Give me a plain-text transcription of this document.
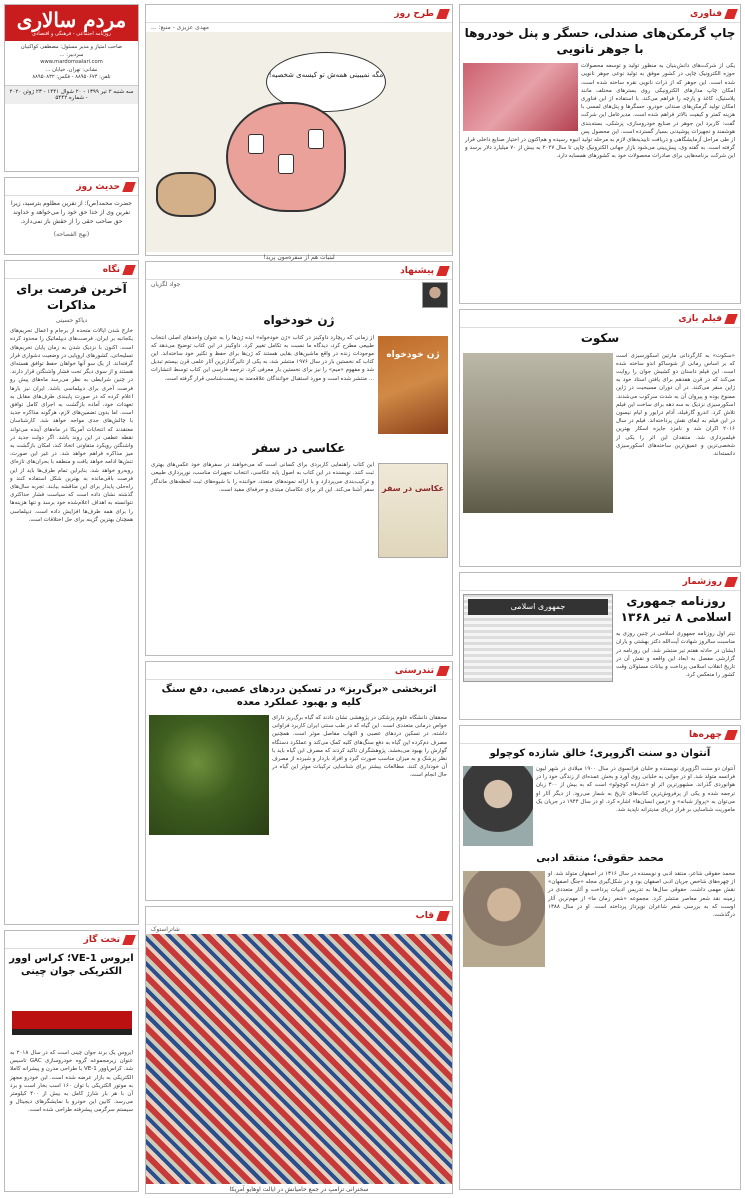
فناوری
چاپ گرمکن‌های صندلی، حسگر و پنل خودروها با جوهر نانویی
یکی از شرکت‌های دانش‌بنیان به منظور تولید و توسعه محصولات حوزه الکترونیک چاپی در کشور موفق به تولید نوعی جوهر نانویی شده است. این جوهر که از ذرات نانویی نقره ساخته شده است، امکان چاپ مدارهای الکترونیکی روی بسترهای مختلف مانند پلاستیک، کاغذ و پارچه را فراهم می‌کند. با استفاده از این فناوری امکان تولید گرمکن‌های صندلی خودرو، حسگرها و پنل‌های لمسی با هزینه کمتر و کیفیت بالاتر فراهم شده است. مدیرعامل این شرکت گفت: کاربرد این جوهر در صنایع خودروسازی، پزشکی، بسته‌بندی هوشمند و تجهیزات پوشیدنی بسیار گسترده است. این محصول پس از طی مراحل آزمایشگاهی و دریافت تاییدیه‌های لازم به مرحله تولید انبوه رسیده و هم‌اکنون در اختیار صنایع داخلی قرار گرفته است. به گفته وی، پیش‌بینی می‌شود بازار جهانی الکترونیک چاپی تا سال ۲۰۲۷ به بیش از ۷۰ میلیارد دلار برسد و این شرکت برنامه‌هایی برای صادرات محصولات خود به کشورهای همسایه دارد.
فیلم بازی
سکوت
«سکوت» به کارگردانی مارتین اسکورسیزی است که بر اساس رمانی از شوساکو اندو ساخته شده است. این فیلم داستان دو کشیش جوان را روایت می‌کند که در قرن هفدهم برای یافتن استاد خود به ژاپن سفر می‌کنند. در آن دوران مسیحیت در ژاپن ممنوع بوده و پیروان آن به شدت سرکوب می‌شدند. اسکورسیزی نزدیک به سه دهه برای ساخت این فیلم تلاش کرد. اندرو گارفیلد، آدام درایور و لیام نیسون در این فیلم به ایفای نقش پرداخته‌اند. فیلم در سال ۲۰۱۶ اکران شد و نامزد جایزه اسکار بهترین فیلمبرداری شد. منتقدان این اثر را یکی از شخصی‌ترین و عمیق‌ترین ساخته‌های اسکورسیزی دانسته‌اند.
روزشمار
جمهوری اسلامی	روزنامه جمهوری اسلامی ۸ تیر ۱۳۶۸
تیتر اول روزنامه جمهوری اسلامی در چنین روزی به مناسبت سالروز شهادت آیت‌الله دکتر بهشتی و یاران ایشان در حادثه هفتم تیر منتشر شد. این روزنامه در گزارشی مفصل به ابعاد این واقعه و نقش آن در تاریخ انقلاب اسلامی پرداخت و بیانات مسئولان وقت کشور را منعکس کرد.
چهره‌ها
آنتوان دو سنت اگزوپری؛ خالق شازده کوچولو
آنتوان دو سنت اگزوپری نویسنده و خلبان فرانسوی در سال ۱۹۰۰ میلادی در شهر لیون فرانسه متولد شد. او در جوانی به خلبانی روی آورد و بخش عمده‌ای از زندگی خود را در هوانوردی گذراند. مشهورترین اثر او «شازده کوچولو» است که به بیش از ۳۰۰ زبان ترجمه شده و یکی از پرفروش‌ترین کتاب‌های تاریخ به شمار می‌رود. از دیگر آثار او می‌توان به «پرواز شبانه» و «زمین انسان‌ها» اشاره کرد. او در سال ۱۹۴۴ در جریان یک ماموریت شناسایی بر فراز دریای مدیترانه ناپدید شد.
محمد حقوقی؛ منتقد ادبی
محمد حقوقی شاعر، منتقد ادبی و نویسنده در سال ۱۳۱۶ در اصفهان متولد شد. او از چهره‌های شاخص جریان ادبی اصفهان بود و در شکل‌گیری مجله «جنگ اصفهان» نقش مهمی داشت. حقوقی سال‌ها به تدریس ادبیات پرداخت و آثار متعددی در زمینه نقد شعر معاصر منتشر کرد. مجموعه «شعر زمان ما» از مهم‌ترین آثار اوست که به بررسی شعر شاعران نوپرداز پرداخته است. او در سال ۱۳۸۸ درگذشت.
طرح روز
مهدی عزیزی - منبع: ...
مگه نمیبینی همه‌ش تو کیسه‌ی شخصیه!
لبنیات هم از سفره‌مون پرید!
پیشنهاد
جواد لگزیان
ژن خودخواه
ژن خودخواه
از زمانی که ریچارد داوکینز در کتاب «ژن خودخواه» ایده ژن‌ها را به عنوان واحدهای اصلی انتخاب طبیعی مطرح کرد، دیدگاه ما نسبت به تکامل تغییر کرد. داوکینز در این کتاب توضیح می‌دهد که موجودات زنده در واقع ماشین‌های بقایی هستند که ژن‌ها برای حفظ و تکثیر خود ساخته‌اند. این کتاب که نخستین بار در سال ۱۹۷۶ منتشر شد، به یکی از تاثیرگذارترین آثار علمی قرن بیستم تبدیل شد و مفهوم «میم» را نیز برای نخستین بار معرفی کرد. ترجمه فارسی این کتاب توسط انتشارات ... منتشر شده است و مورد استقبال خوانندگان علاقه‌مند به زیست‌شناسی قرار گرفته است.
عکاسی در سفر
عکاسی در سفر
این کتاب راهنمایی کاربردی برای کسانی است که می‌خواهند در سفرهای خود عکس‌های بهتری ثبت کنند. نویسنده در این کتاب به اصول پایه عکاسی، انتخاب تجهیزات مناسب، نورپردازی طبیعی و ترکیب‌بندی می‌پردازد و با ارائه نمونه‌های متعدد، خواننده را با شیوه‌های ثبت لحظه‌های ماندگار سفر آشنا می‌کند. این اثر برای عکاسان مبتدی و حرفه‌ای مفید است.
تندرستی
اثربخشی «برگ‌ریز» در تسکین دردهای عصبی، دفع سنگ کلیه و بهبود عملکرد معده
محققان دانشگاه علوم پزشکی در پژوهشی نشان دادند که گیاه برگ‌ریز دارای خواص درمانی متعددی است. این گیاه که در طب سنتی ایران کاربرد فراوانی داشته، در تسکین دردهای عصبی و التهاب مفاصل موثر است. همچنین مصرف دم‌کرده این گیاه به دفع سنگ‌های کلیه کمک می‌کند و عملکرد دستگاه گوارش را بهبود می‌بخشد. پژوهشگران تاکید کردند که مصرف این گیاه باید با نظر پزشک و به میزان مناسب صورت گیرد و افراد باردار و شیرده از مصرف آن خودداری کنند. مطالعات بیشتر برای شناسایی ترکیبات موثر این گیاه در حال انجام است.
قاب
شاتراستوک
سخنرانی ترامپ در جمع حامیانش در ایالت اوهایو آمریکا
مردم سالاری
روزنامه اجتماعی - فرهنگی و اقتصادی
صاحب امتیاز و مدیر مسئول: مصطفی کواکبیان
سردبیر: ...
www.mardomsalari.com
نشانی: تهران، خیابان ...
تلفن: ۸۸۹۵۰۶۷۴ - فکس: ۸۸۹۵۰۸۳۲
سه شنبه ۲ تیر ۱۳۹۹ - ۲۰ شوال ۱۴۴۱ - ۲۳ ژوئن ۲۰۲۰ - شماره ۵۴۴۲
حدیث روز
حضرت محمد(ص): از نفرین مظلوم بترسید، زیرا نفرین وی از خدا حق خود را می‌خواهد و خداوند حق صاحب حقی را از حقش باز نمی‌دارد.
(نهج الفصاحه)
نگاه
آخرین فرصت برای مذاکرات
دیاکو حسینی
خارج شدن ایالات متحده از برجام و اعمال تحریم‌های یکجانبه بر ایران، فرصت‌های دیپلماتیک را محدود کرده است. اکنون با نزدیک شدن به زمان پایان تحریم‌های تسلیحاتی، کشورهای اروپایی در وضعیت دشواری قرار گرفته‌اند. از یک سو آنها خواهان حفظ توافق هسته‌ای هستند و از سوی دیگر تحت فشار واشنگتن قرار دارند. در چنین شرایطی به نظر می‌رسد ماه‌های پیش رو فرصت آخری برای دیپلماسی باشد. ایران نیز بارها اعلام کرده که در صورت پایبندی طرف‌های مقابل به تعهدات خود، آماده بازگشت به اجرای کامل توافق است. اما بدون تضمین‌های لازم، هرگونه مذاکره جدید با چالش‌های جدی مواجه خواهد شد. کارشناسان معتقدند که انتخابات آمریکا در ماه‌های آینده می‌تواند نقطه عطفی در این روند باشد. اگر دولت جدید در واشنگتن رویکرد متفاوتی اتخاذ کند، امکان بازگشت به میز مذاکره فراهم خواهد شد. در غیر این صورت، تنش‌ها ادامه خواهد یافت و منطقه با بحران‌های تازه‌ای روبه‌رو خواهد شد. بنابراین تمام طرف‌ها باید از این فرصت باقی‌مانده به بهترین شکل استفاده کنند و راه‌حلی پایدار برای این مناقشه بیابند. تجربه سال‌های گذشته نشان داده است که سیاست فشار حداکثری نتوانسته به اهداف اعلام‌شده خود برسد و تنها هزینه‌ها را برای همه طرف‌ها افزایش داده است. دیپلماسی همچنان بهترین گزینه برای حل اختلافات است.
تخت گاز
ایروس VE-1؛ کراس اوور الکتریکی جوان چینی
ایروس یک برند جوان چینی است که در سال ۲۰۱۸ به عنوان زیرمجموعه گروه خودروسازی GAC تاسیس شد. کراس‌اوور VE-1 با طراحی مدرن و پیشرانه کاملا الکتریکی به بازار عرضه شده است. این خودرو مجهز به موتور الکتریکی با توان ۱۶۰ اسب بخار است و برد آن با هر بار شارژ کامل به بیش از ۴۰۰ کیلومتر می‌رسد. کابین این خودرو با نمایشگرهای دیجیتال و سیستم سرگرمی پیشرفته طراحی شده است.
